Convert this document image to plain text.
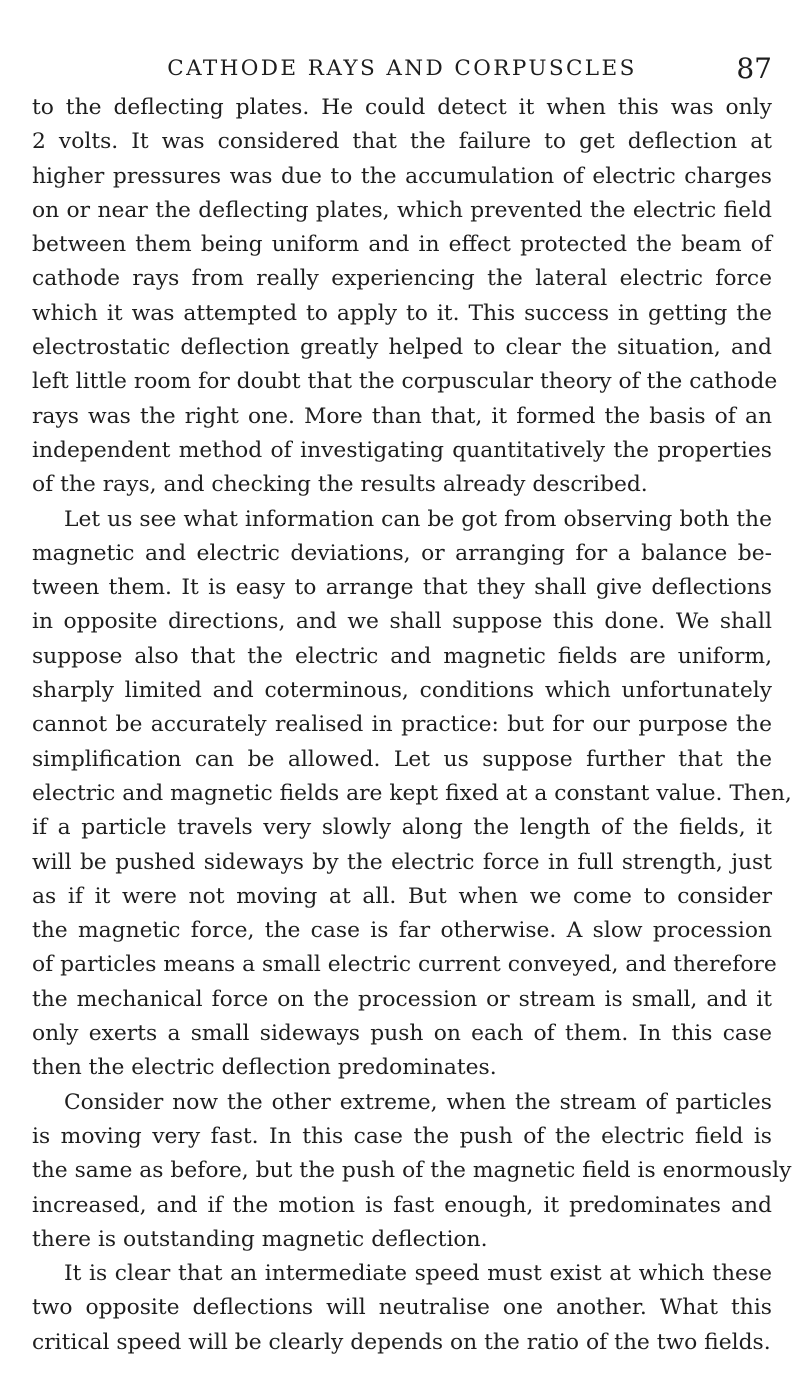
CATHODE RAYS AND CORPUSCLES	87
to the deflecting plates. He could detect it when this was only
2 volts. It was considered that the failure to get deflection at
higher pressures was due to the accumulation of electric charges
on or near the deflecting plates, which prevented the electric field
between them being uniform and in effect protected the beam of
cathode rays from really experiencing the lateral electric force
which it was attempted to apply to it. This success in getting the
electrostatic deflection greatly helped to clear the situation, and
left little room for doubt that the corpuscular theory of the cathode
rays was the right one. More than that, it formed the basis of an
independent method of investigating quantitatively the properties
of the rays, and checking the results already described.
Let us see what information can be got from observing both the
magnetic and electric deviations, or arranging for a balance be-
tween them. It is easy to arrange that they shall give deflections
in opposite directions, and we shall suppose this done. We shall
suppose also that the electric and magnetic fields are uniform,
sharply limited and coterminous, conditions which unfortunately
cannot be accurately realised in practice: but for our purpose the
simplification can be allowed. Let us suppose further that the
electric and magnetic fields are kept fixed at a constant value. Then,
if a particle travels very slowly along the length of the fields, it
will be pushed sideways by the electric force in full strength, just
as if it were not moving at all. But when we come to consider
the magnetic force, the case is far otherwise. A slow procession
of particles means a small electric current conveyed, and therefore
the mechanical force on the procession or stream is small, and it
only exerts a small sideways push on each of them. In this case
then the electric deflection predominates.
Consider now the other extreme, when the stream of particles
is moving very fast. In this case the push of the electric field is
the same as before, but the push of the magnetic field is enormously
increased, and if the motion is fast enough, it predominates and
there is outstanding magnetic deflection.
It is clear that an intermediate speed must exist at which these
two opposite deflections will neutralise one another. What this
critical speed will be clearly depends on the ratio of the two fields.
